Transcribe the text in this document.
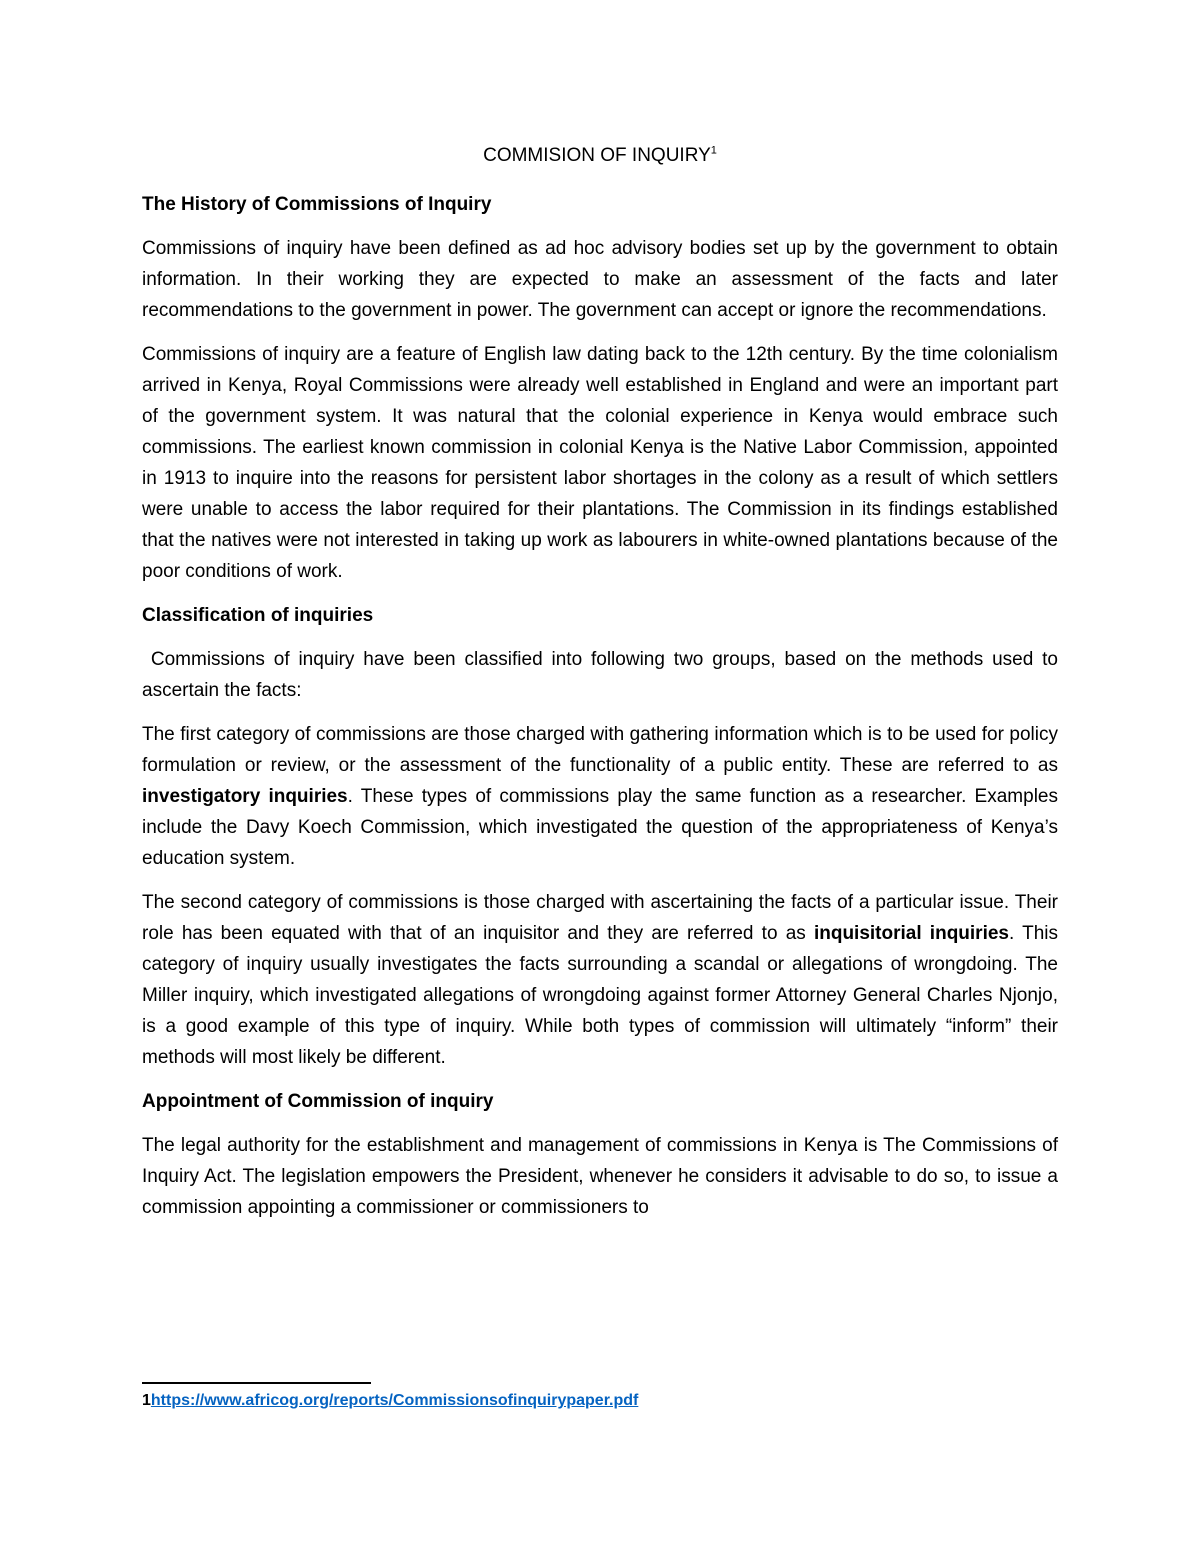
COMMISION OF INQUIRY$^1$
The History of Commissions of Inquiry

Commissions of inquiry have been defined as ad hoc advisory bodies set up by the government to obtain information. In their working they are expected to make an assessment of the facts and later recommendations to the government in power. The government can accept or ignore the recommendations.

Commissions of inquiry are a feature of English law dating back to the 12th century. By the time colonialism arrived in Kenya, Royal Commissions were already well established in England and were an important part of the government system. It was natural that the colonial experience in Kenya would embrace such commissions. The earliest known commission in colonial Kenya is the Native Labor Commission, appointed in 1913 to inquire into the reasons for persistent labor shortages in the colony as a result of which settlers were unable to access the labor required for their plantations. The Commission in its findings established that the natives were not interested in taking up work as labourers in white-owned plantations because of the poor conditions of work.

Classification of inquiries

Commissions of inquiry have been classified into following two groups, based on the methods used to ascertain the facts:

The first category of commissions are those charged with gathering information which is to be used for policy formulation or review, or the assessment of the functionality of a public entity. These are referred to as investigatory inquiries. These types of commissions play the same function as a researcher. Examples include the Davy Koech Commission, which investigated the question of the appropriateness of Kenya’s education system.

The second category of commissions is those charged with ascertaining the facts of a particular issue. Their role has been equated with that of an inquisitor and they are referred to as inquisitorial inquiries. This category of inquiry usually investigates the facts surrounding a scandal or allegations of wrongdoing. The Miller inquiry, which investigated allegations of wrongdoing against former Attorney General Charles Njonjo, is a good example of this type of inquiry. While both types of commission will ultimately “inform” their methods will most likely be different.

Appointment of Commission of inquiry

The legal authority for the establishment and management of commissions in Kenya is The Commissions of Inquiry Act. The legislation empowers the President, whenever he considers it advisable to do so, to issue a commission appointing a commissioner or commissioners to

1https://www.africog.org/reports/Commissionsofinquirypaper.pdf
